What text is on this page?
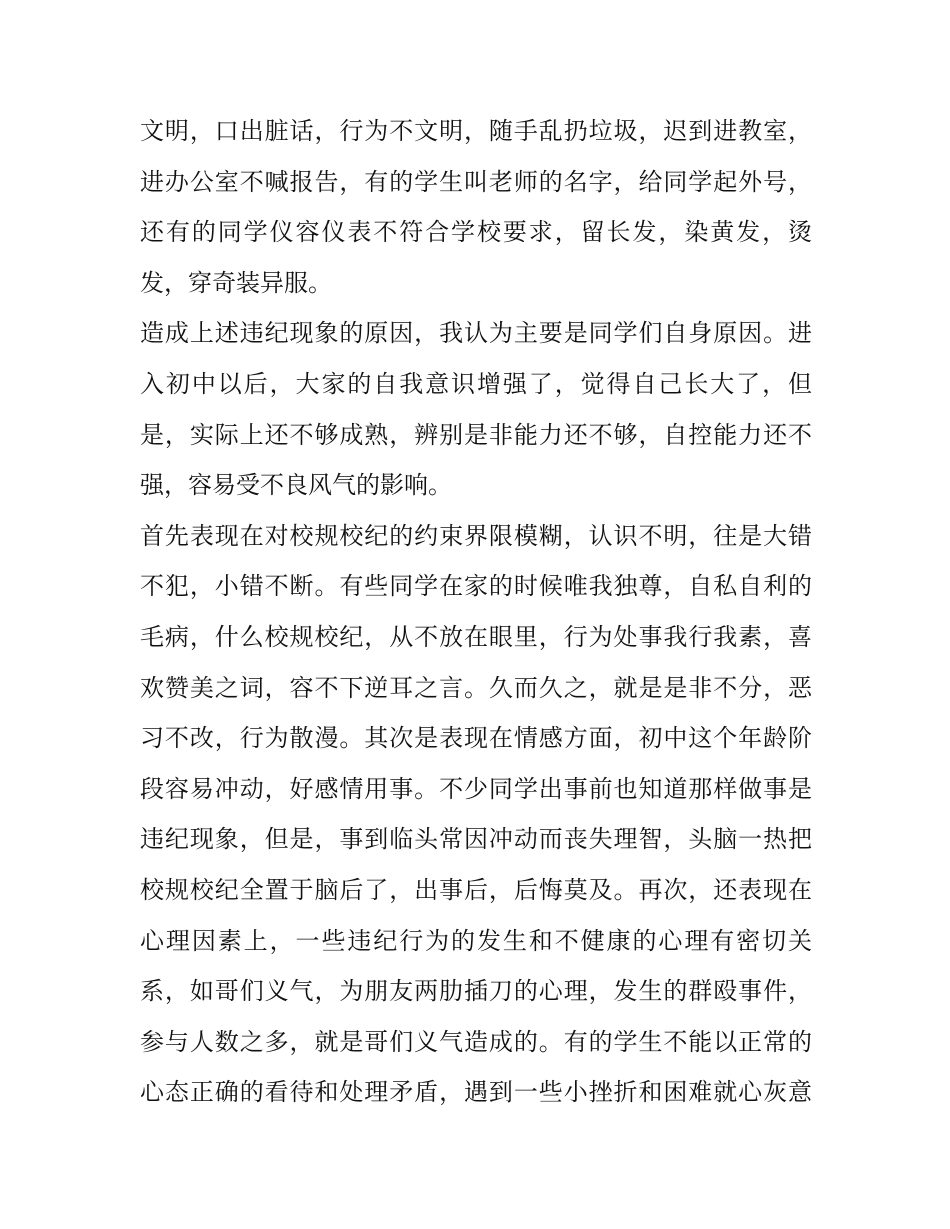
文明，口出脏话，行为不文明，随手乱扔垃圾，迟到进教室，
进办公室不喊报告，有的学生叫老师的名字，给同学起外号，
还有的同学仪容仪表不符合学校要求，留长发，染黄发，烫
发，穿奇装异服。
造成上述违纪现象的原因，我认为主要是同学们自身原因。进
入初中以后，大家的自我意识增强了，觉得自己长大了，但
是，实际上还不够成熟，辨别是非能力还不够，自控能力还不
强，容易受不良风气的影响。
首先表现在对校规校纪的约束界限模糊，认识不明，往是大错
不犯，小错不断。有些同学在家的时候唯我独尊，自私自利的
毛病，什么校规校纪，从不放在眼里，行为处事我行我素，喜
欢赞美之词，容不下逆耳之言。久而久之，就是是非不分，恶
习不改，行为散漫。其次是表现在情感方面，初中这个年龄阶
段容易冲动，好感情用事。不少同学出事前也知道那样做事是
违纪现象，但是，事到临头常因冲动而丧失理智，头脑一热把
校规校纪全置于脑后了，出事后，后悔莫及。再次，还表现在
心理因素上，一些违纪行为的发生和不健康的心理有密切关
系，如哥们义气，为朋友两肋插刀的心理，发生的群殴事件，
参与人数之多，就是哥们义气造成的。有的学生不能以正常的
心态正确的看待和处理矛盾，遇到一些小挫折和困难就心灰意
